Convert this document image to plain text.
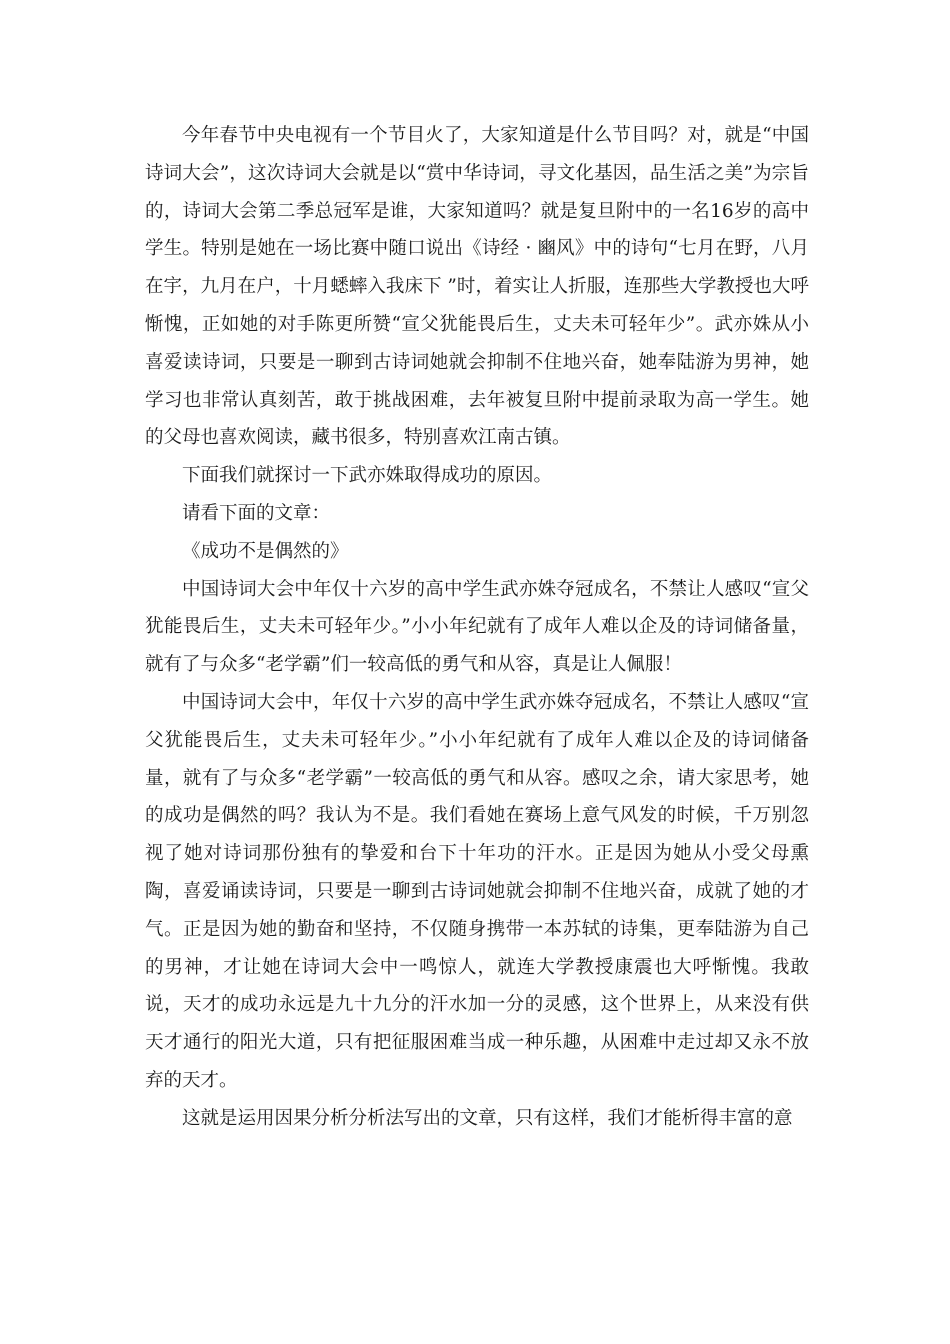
今年春节中央电视有一个节目火了，大家知道是什么节目吗？对，就是“中国诗词大会”，这次诗词大会就是以“赏中华诗词，寻文化基因，品生活之美”为宗旨的，诗词大会第二季总冠军是谁，大家知道吗？就是复旦附中的一名16岁的高中学生。特别是她在一场比赛中随口说出《诗经 · 豳风》中的诗句“七月在野，八月在宇，九月在户，十月蟋蟀入我床下 ”时，着实让人折服，连那些大学教授也大呼惭愧，正如她的对手陈更所赞“宣父犹能畏后生，丈夫未可轻年少”。武亦姝从小喜爱读诗词，只要是一聊到古诗词她就会抑制不住地兴奋，她奉陆游为男神，她学习也非常认真刻苦，敢于挑战困难，去年被复旦附中提前录取为高一学生。她的父母也喜欢阅读，藏书很多，特别喜欢江南古镇。

下面我们就探讨一下武亦姝取得成功的原因。

请看下面的文章：

《成功不是偶然的》

中国诗词大会中年仅十六岁的高中学生武亦姝夺冠成名，不禁让人感叹“宣父犹能畏后生，丈夫未可轻年少。”小小年纪就有了成年人难以企及的诗词储备量，就有了与众多“老学霸”们一较高低的勇气和从容，真是让人佩服！

中国诗词大会中，年仅十六岁的高中学生武亦姝夺冠成名，不禁让人感叹“宣父犹能畏后生，丈夫未可轻年少。”小小年纪就有了成年人难以企及的诗词储备量，就有了与众多“老学霸”一较高低的勇气和从容。感叹之余，请大家思考，她的成功是偶然的吗？我认为不是。我们看她在赛场上意气风发的时候，千万别忽视了她对诗词那份独有的挚爱和台下十年功的汗水。正是因为她从小受父母熏陶，喜爱诵读诗词，只要是一聊到古诗词她就会抑制不住地兴奋，成就了她的才气。正是因为她的勤奋和坚持，不仅随身携带一本苏轼的诗集，更奉陆游为自己的男神，才让她在诗词大会中一鸣惊人，就连大学教授康震也大呼惭愧。我敢说，天才的成功永远是九十九分的汗水加一分的灵感，这个世界上，从来没有供天才通行的阳光大道，只有把征服困难当成一种乐趣，从困难中走过却又永不放弃的天才。

这就是运用因果分析分析法写出的文章，只有这样，我们才能析得丰富的意
